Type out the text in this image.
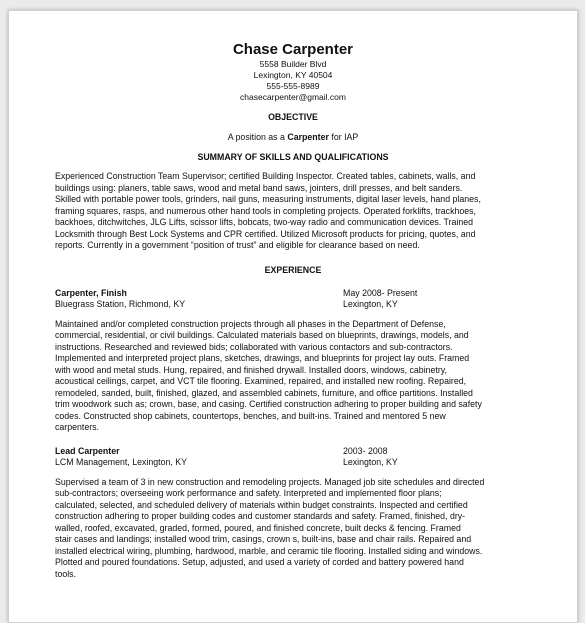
Chase Carpenter
5558 Builder Blvd
Lexington, KY 40504
555-555-8989
chasecarpenter@gmail.com
OBJECTIVE
A position as a Carpenter for IAP
SUMMARY OF SKILLS AND QUALIFICATIONS
Experienced Construction Team Supervisor; certified Building Inspector. Created tables, cabinets, walls, and
buildings using: planers, table saws, wood and metal band saws, jointers, drill presses, and belt sanders.
Skilled with portable power tools, grinders, nail guns, measuring instruments, digital laser levels, hand planes,
framing squares, rasps, and numerous other hand tools in completing projects. Operated forklifts, trackhoes,
backhoes, ditchwitches, JLG Lifts, scissor lifts, bobcats, two-way radio and communication devices. Trained
Locksmith through Best Lock Systems and CPR certified. Utilized Microsoft products for pricing, quotes, and
reports. Currently in a government “position of trust” and eligible for clearance based on need.
EXPERIENCE
Carpenter, Finish	May 2008- Present
Bluegrass Station, Richmond, KY	Lexington, KY
Maintained and/or completed construction projects through all phases in the Department of Defense,
commercial, residential, or civil buildings. Calculated materials based on blueprints, drawings, models, and
instructions. Researched and reviewed bids; collaborated with various contactors and sub-contractors.
Implemented and interpreted project plans, sketches, drawings, and blueprints for project lay outs. Framed
with wood and metal studs. Hung, repaired, and finished drywall. Installed doors, windows, cabinetry,
acoustical ceilings, carpet, and VCT tile flooring. Examined, repaired, and installed new roofing. Repaired,
remodeled, sanded, built, finished, glazed, and assembled cabinets, furniture, and office partitions. Installed
trim woodwork such as; crown, base, and casing. Certified construction adhering to proper building and safety
codes. Constructed shop cabinets, countertops, benches, and built-ins. Trained and mentored 5 new
carpenters.
Lead Carpenter	2003- 2008
LCM Management, Lexington, KY	Lexington, KY
Supervised a team of 3 in new construction and remodeling projects. Managed job site schedules and directed
sub-contractors; overseeing work performance and safety. Interpreted and implemented floor plans;
calculated, selected, and scheduled delivery of materials within budget constraints. Inspected and certified
construction adhering to proper building codes and customer standards and safety. Framed, finished, dry-
walled, roofed, excavated, graded, formed, poured, and finished concrete, built decks & fencing. Framed
stair cases and landings; installed wood trim, casings, crown s, built-ins, base and chair rails. Repaired and
installed electrical wiring, plumbing, hardwood, marble, and ceramic tile flooring. Installed siding and windows.
Plotted and poured foundations. Setup, adjusted, and used a variety of corded and battery powered hand
tools.
